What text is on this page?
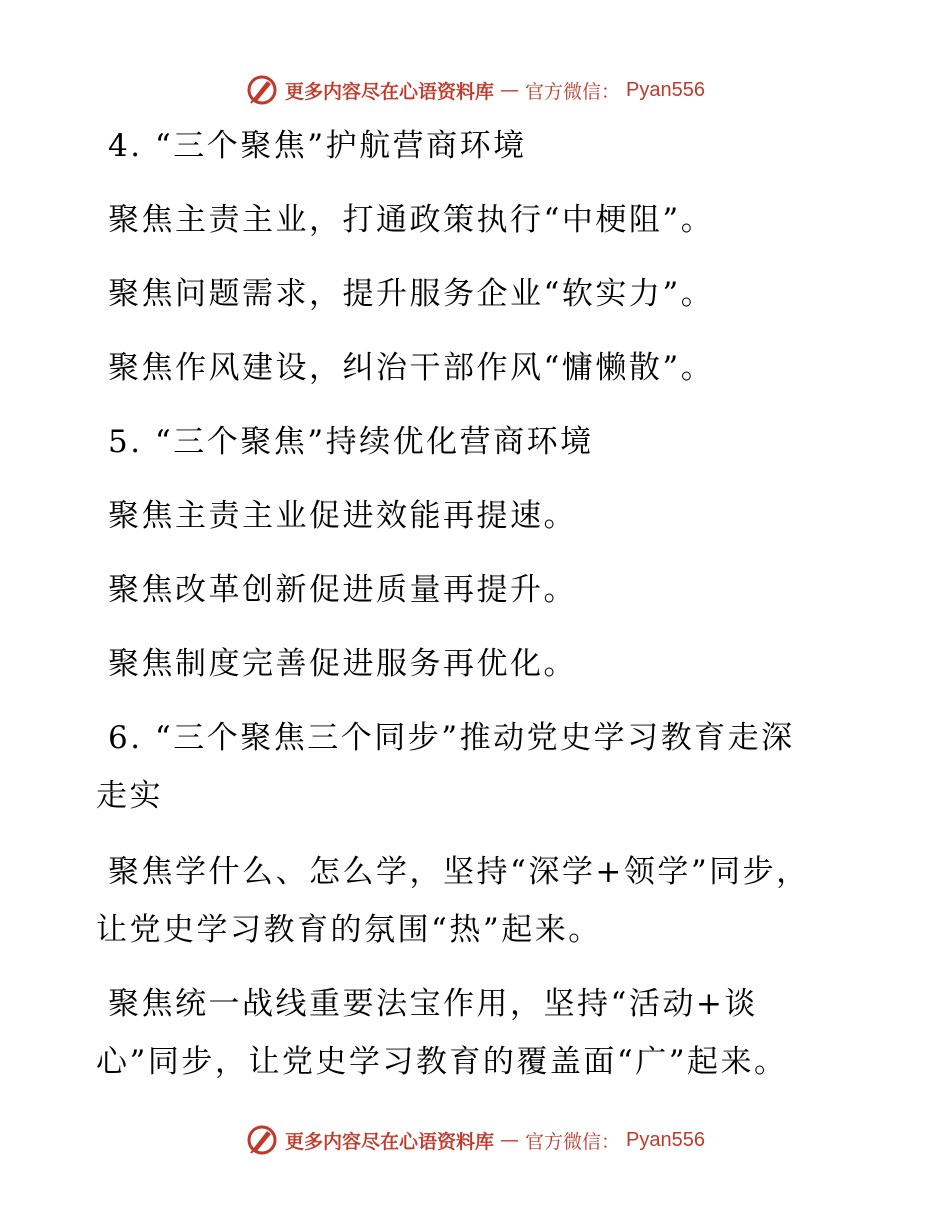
更多内容尽在心语资料库 — 官方微信： Pyan556
4. “三个聚焦”护航营商环境
聚焦主责主业，打通政策执行“中梗阻”。
聚焦问题需求，提升服务企业“软实力”。
聚焦作风建设，纠治干部作风“慵懒散”。
5. “三个聚焦”持续优化营商环境
聚焦主责主业促进效能再提速。
聚焦改革创新促进质量再提升。
聚焦制度完善促进服务再优化。
6. “三个聚焦三个同步”推动党史学习教育走深
走实
聚焦学什么、怎么学，坚持“深学+领学”同步，
让党史学习教育的氛围“热”起来。
聚焦统一战线重要法宝作用，坚持“活动+谈
心”同步，让党史学习教育的覆盖面“广”起来。
更多内容尽在心语资料库 — 官方微信： Pyan556
